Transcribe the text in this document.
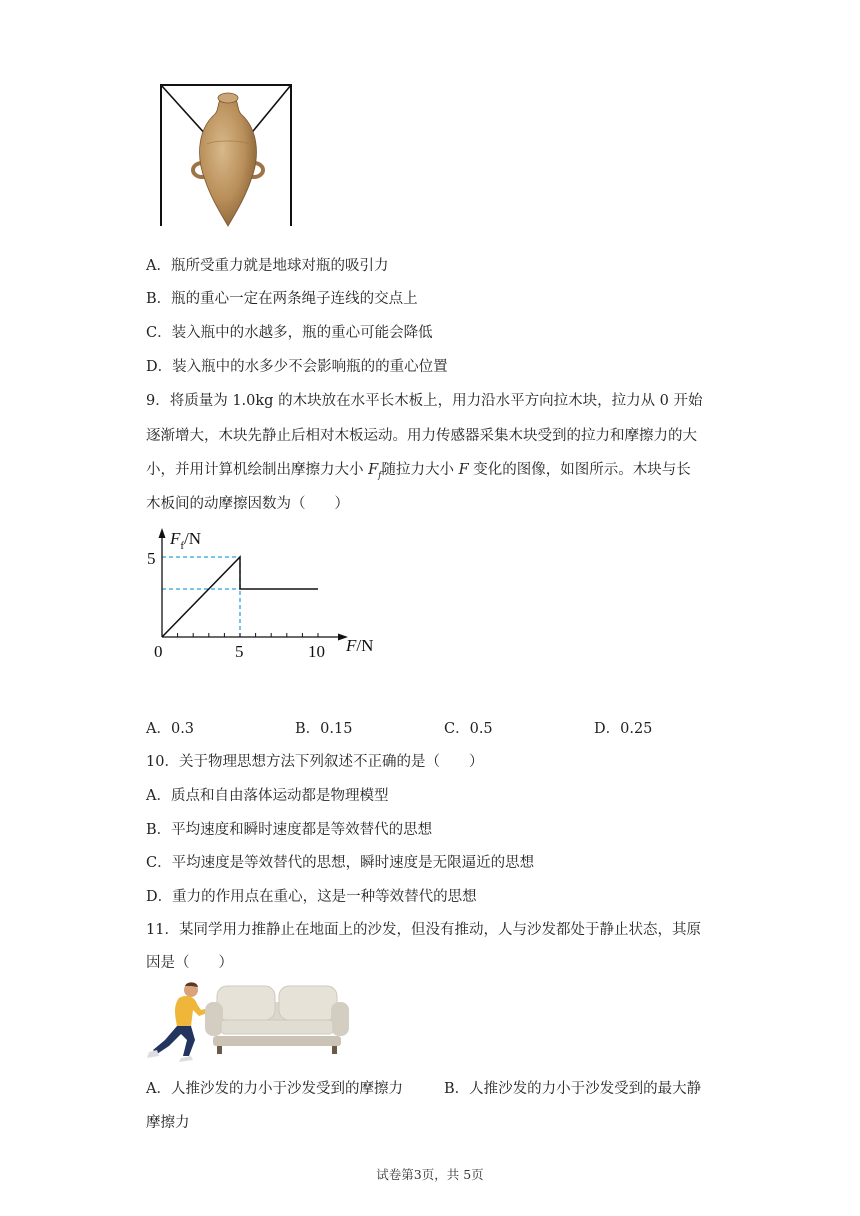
A．瓶所受重力就是地球对瓶的吸引力
B．瓶的重心一定在两条绳子连线的交点上
C．装入瓶中的水越多，瓶的重心可能会降低
D．装入瓶中的水多少不会影响瓶的的重心位置
9．将质量为 1.0kg 的木块放在水平长木板上，用力沿水平方向拉木块，拉力从 0 开始
逐渐增大，木块先静止后相对木板运动。用力传感器采集木块受到的拉力和摩擦力的大
小，并用计算机绘制出摩擦力大小 $F_f$随拉力大小 F 变化的图像，如图所示。木块与长
木板间的动摩擦因数为（　　）
$F_f/N$
F/N
5
0	5	10
A．0.3	B．0.15	C．0.5	D．0.25
10．关于物理思想方法下列叙述不正确的是（　　）
A．质点和自由落体运动都是物理模型
B．平均速度和瞬时速度都是等效替代的思想
C．平均速度是等效替代的思想，瞬时速度是无限逼近的思想
D．重力的作用点在重心，这是一种等效替代的思想
11．某同学用力推静止在地面上的沙发，但没有推动，人与沙发都处于静止状态，其原
因是（　　）
A．人推沙发的力小于沙发受到的摩擦力	B．人推沙发的力小于沙发受到的最大静
摩擦力
试卷第3页，共 5页
